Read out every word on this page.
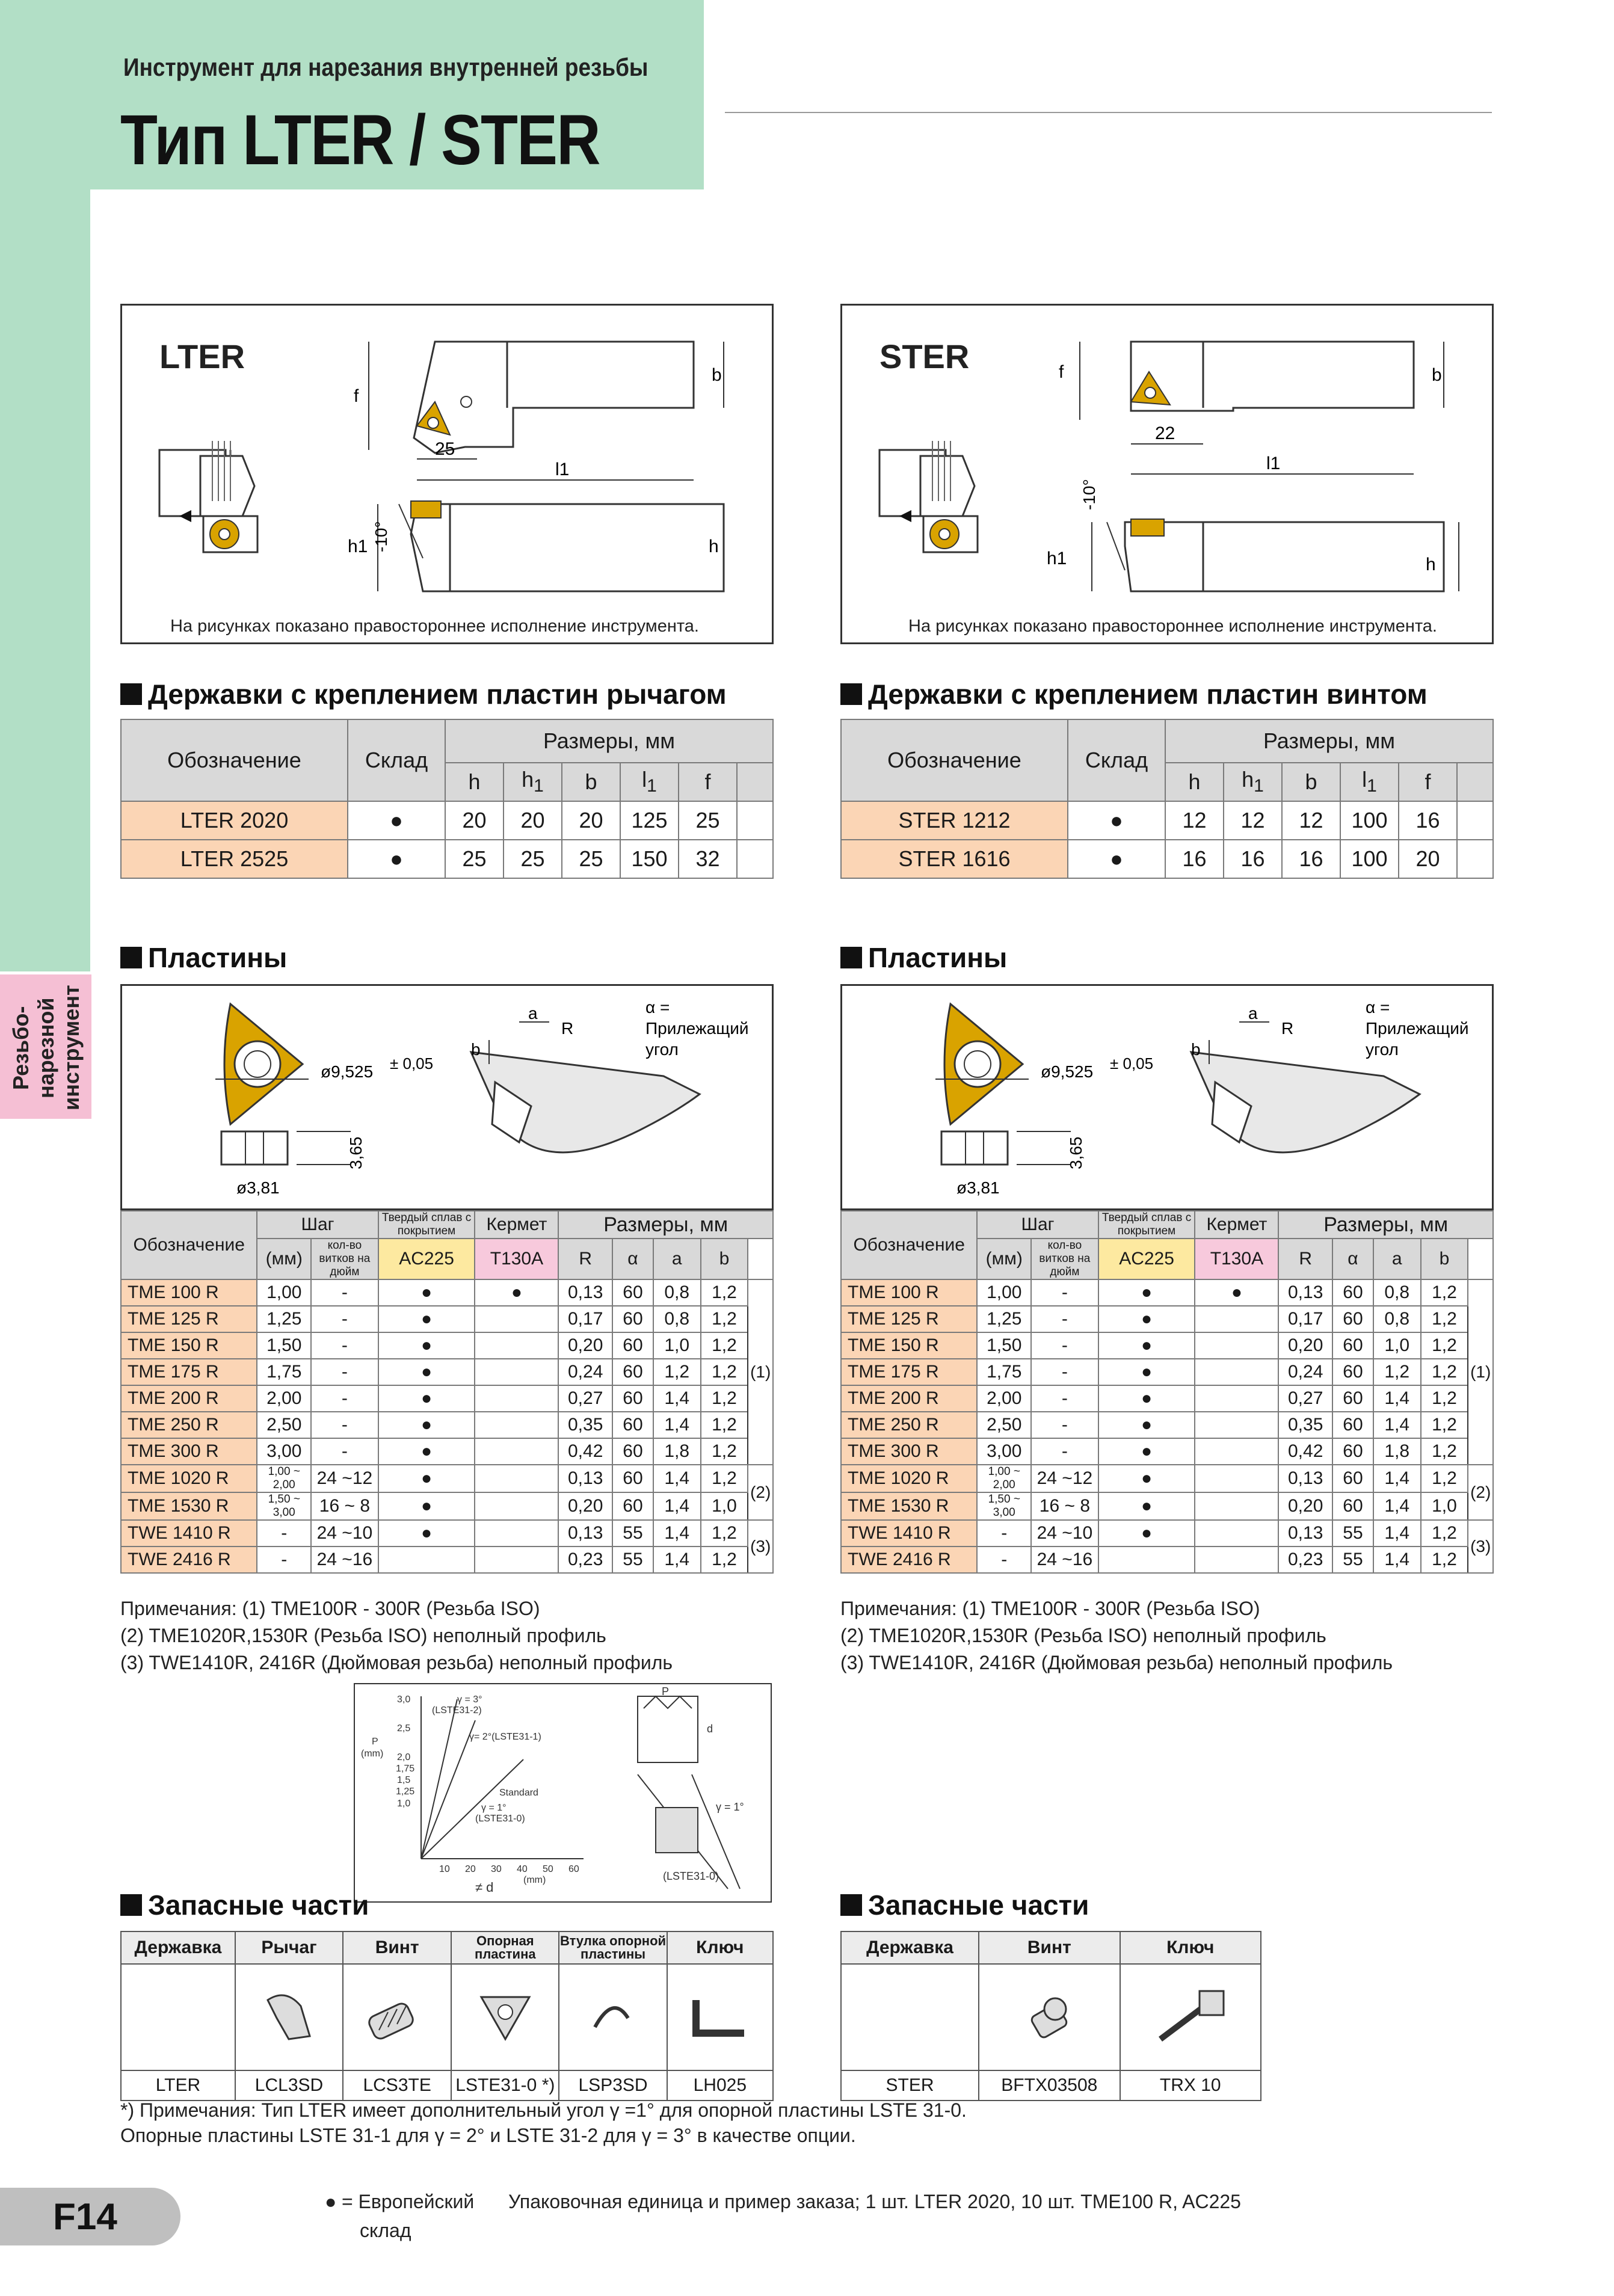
Инструмент для нарезания внутренней резьбы
Тип LTER / STER
Резьбо- нарезной инструмент
LTER
f
b
25
l1
h1	h
-10°
На рисунках показано правостороннее исполнение инструмента.
STER	f	b
22
l1
h1	h
-10°
На рисунках показано правостороннее исполнение инструмента.
Державки с креплением пластин рычагом
Обозначение	Склад	Размеры, мм					
		h	$h_1$	b	$l_1$	f	
LTER 2020	●	20	20	20	125	25	
LTER 2525	●	25	25	25	150	32	
Державки с креплением пластин винтом
Обозначение	Склад	Размеры, мм					
		h	$h_1$	b	$l_1$	f	
STER 1212	●	12	12	12	100	16	
STER 1616	●	16	16	16	100	20	
Пластины	Пластины
ø9,525 ± 0,05
3,65
ø3,81
a
b
R
α =
Прилежащий
угол
ø9,525 ± 0,05
3,65
ø3,81
a
b
R
α =
Прилежащий
угол
Обозначение	Шаг		Твердый сплав с покрытием	Кермет	Размеры, мм				
	(мм)	кол-во витков на дюйм	AC225	T130A	R	α	a	b	
TME 100 R	1,00	-	●	●	0,13	60	0,8	1,2	(1)
TME 125 R	1,25	-	●		0,17	60	0,8	1,2	
TME 150 R	1,50	-	●		0,20	60	1,0	1,2	
TME 175 R	1,75	-	●		0,24	60	1,2	1,2	
TME 200 R	2,00	-	●		0,27	60	1,4	1,2	
TME 250 R	2,50	-	●		0,35	60	1,4	1,2	
TME 300 R	3,00	-	●		0,42	60	1,8	1,2	
TME 1020 R	1,00 ~ 2,00	24 ~12	●		0,13	60	1,4	1,2	(2)
TME 1530 R	1,50 ~ 3,00	16 ~ 8	●		0,20	60	1,4	1,0	
TWE 1410 R	-	24 ~10	●		0,13	55	1,4	1,2	(3)
TWE 2416 R	-	24 ~16			0,23	55	1,4	1,2	
Обозначение	Шаг		Твердый сплав с покрытием	Кермет	Размеры, мм				
	(мм)	кол-во витков на дюйм	AC225	T130A	R	α	a	b	
TME 100 R	1,00	-	●	●	0,13	60	0,8	1,2	(1)
TME 125 R	1,25	-	●		0,17	60	0,8	1,2	
TME 150 R	1,50	-	●		0,20	60	1,0	1,2	
TME 175 R	1,75	-	●		0,24	60	1,2	1,2	
TME 200 R	2,00	-	●		0,27	60	1,4	1,2	
TME 250 R	2,50	-	●		0,35	60	1,4	1,2	
TME 300 R	3,00	-	●		0,42	60	1,8	1,2	
TME 1020 R	1,00 ~ 2,00	24 ~12	●		0,13	60	1,4	1,2	(2)
TME 1530 R	1,50 ~ 3,00	16 ~ 8	●		0,20	60	1,4	1,0	
TWE 1410 R	-	24 ~10	●		0,13	55	1,4	1,2	(3)
TWE 2416 R	-	24 ~16			0,23	55	1,4	1,2	
Примечания: (1) TME100R - 300R (Резьба ISO)
(2) TME1020R,1530R (Резьба ISO) неполный профиль
(3) TWE1410R, 2416R (Дюймовая резьба) неполный профиль
Примечания: (1) TME100R - 300R (Резьба ISO)
(2) TME1020R,1530R (Резьба ISO) неполный профиль
(3) TWE1410R, 2416R (Дюймовая резьба) неполный профиль
3,0
2,5
2,0
1,75
1,5
1,25
1,0
10 20 30 40 50 60
P
(mm)
≠ d	(mm)
γ = 3°
(LSTE31-2)
γ= 2°(LSTE31-1)
Standard
γ = 1°
(LSTE31-0)
P
d
γ = 1°
(LSTE31-0)
Запасные части	Запасные части
Державка	Рычаг	Винт	Опорная пластина	Втулка опорной пластины	Ключ

LTER	LCL3SD	LCS3TE	LSTE31-0 *)	LSP3SD	LH025
Державка	Винт	Ключ

STER	BFTX03508	TRX 10
*) Примечания: Тип LTER имеет дополнительный угол γ =1° для опорной пластины LSTE 31-0.
Опорные пластины LSTE 31-1 для γ = 2° и LSTE 31-2 для γ = 3° в качестве опции.
F14	● = Европейский
склад
Упаковочная единица и пример заказа; 1 шт. LTER 2020, 10 шт. TME100 R, AC225
